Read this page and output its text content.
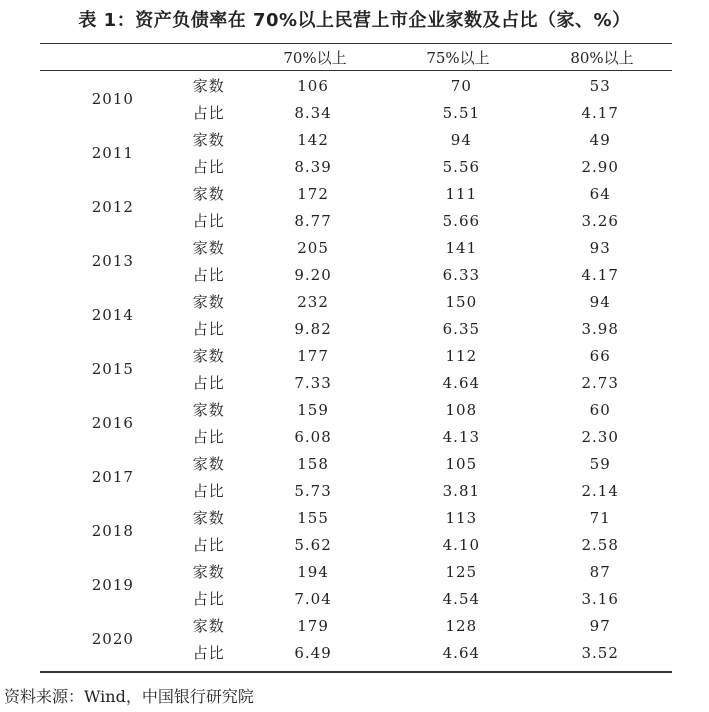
表 1：资产负债率在 70%以上民营上市企业家数及占比（家、%）
70%以上	75%以上	80%以上
2010	家数	106	70	53
	占比	8.34	5.51	4.17
2011	家数	142	94	49
	占比	8.39	5.56	2.90
2012	家数	172	111	64
	占比	8.77	5.66	3.26
2013	家数	205	141	93
	占比	9.20	6.33	4.17
2014	家数	232	150	94
	占比	9.82	6.35	3.98
2015	家数	177	112	66
	占比	7.33	4.64	2.73
2016	家数	159	108	60
	占比	6.08	4.13	2.30
2017	家数	158	105	59
	占比	5.73	3.81	2.14
2018	家数	155	113	71
	占比	5.62	4.10	2.58
2019	家数	194	125	87
	占比	7.04	4.54	3.16
2020	家数	179	128	97
	占比	6.49	4.64	3.52
资料来源：Wind，中国银行研究院
